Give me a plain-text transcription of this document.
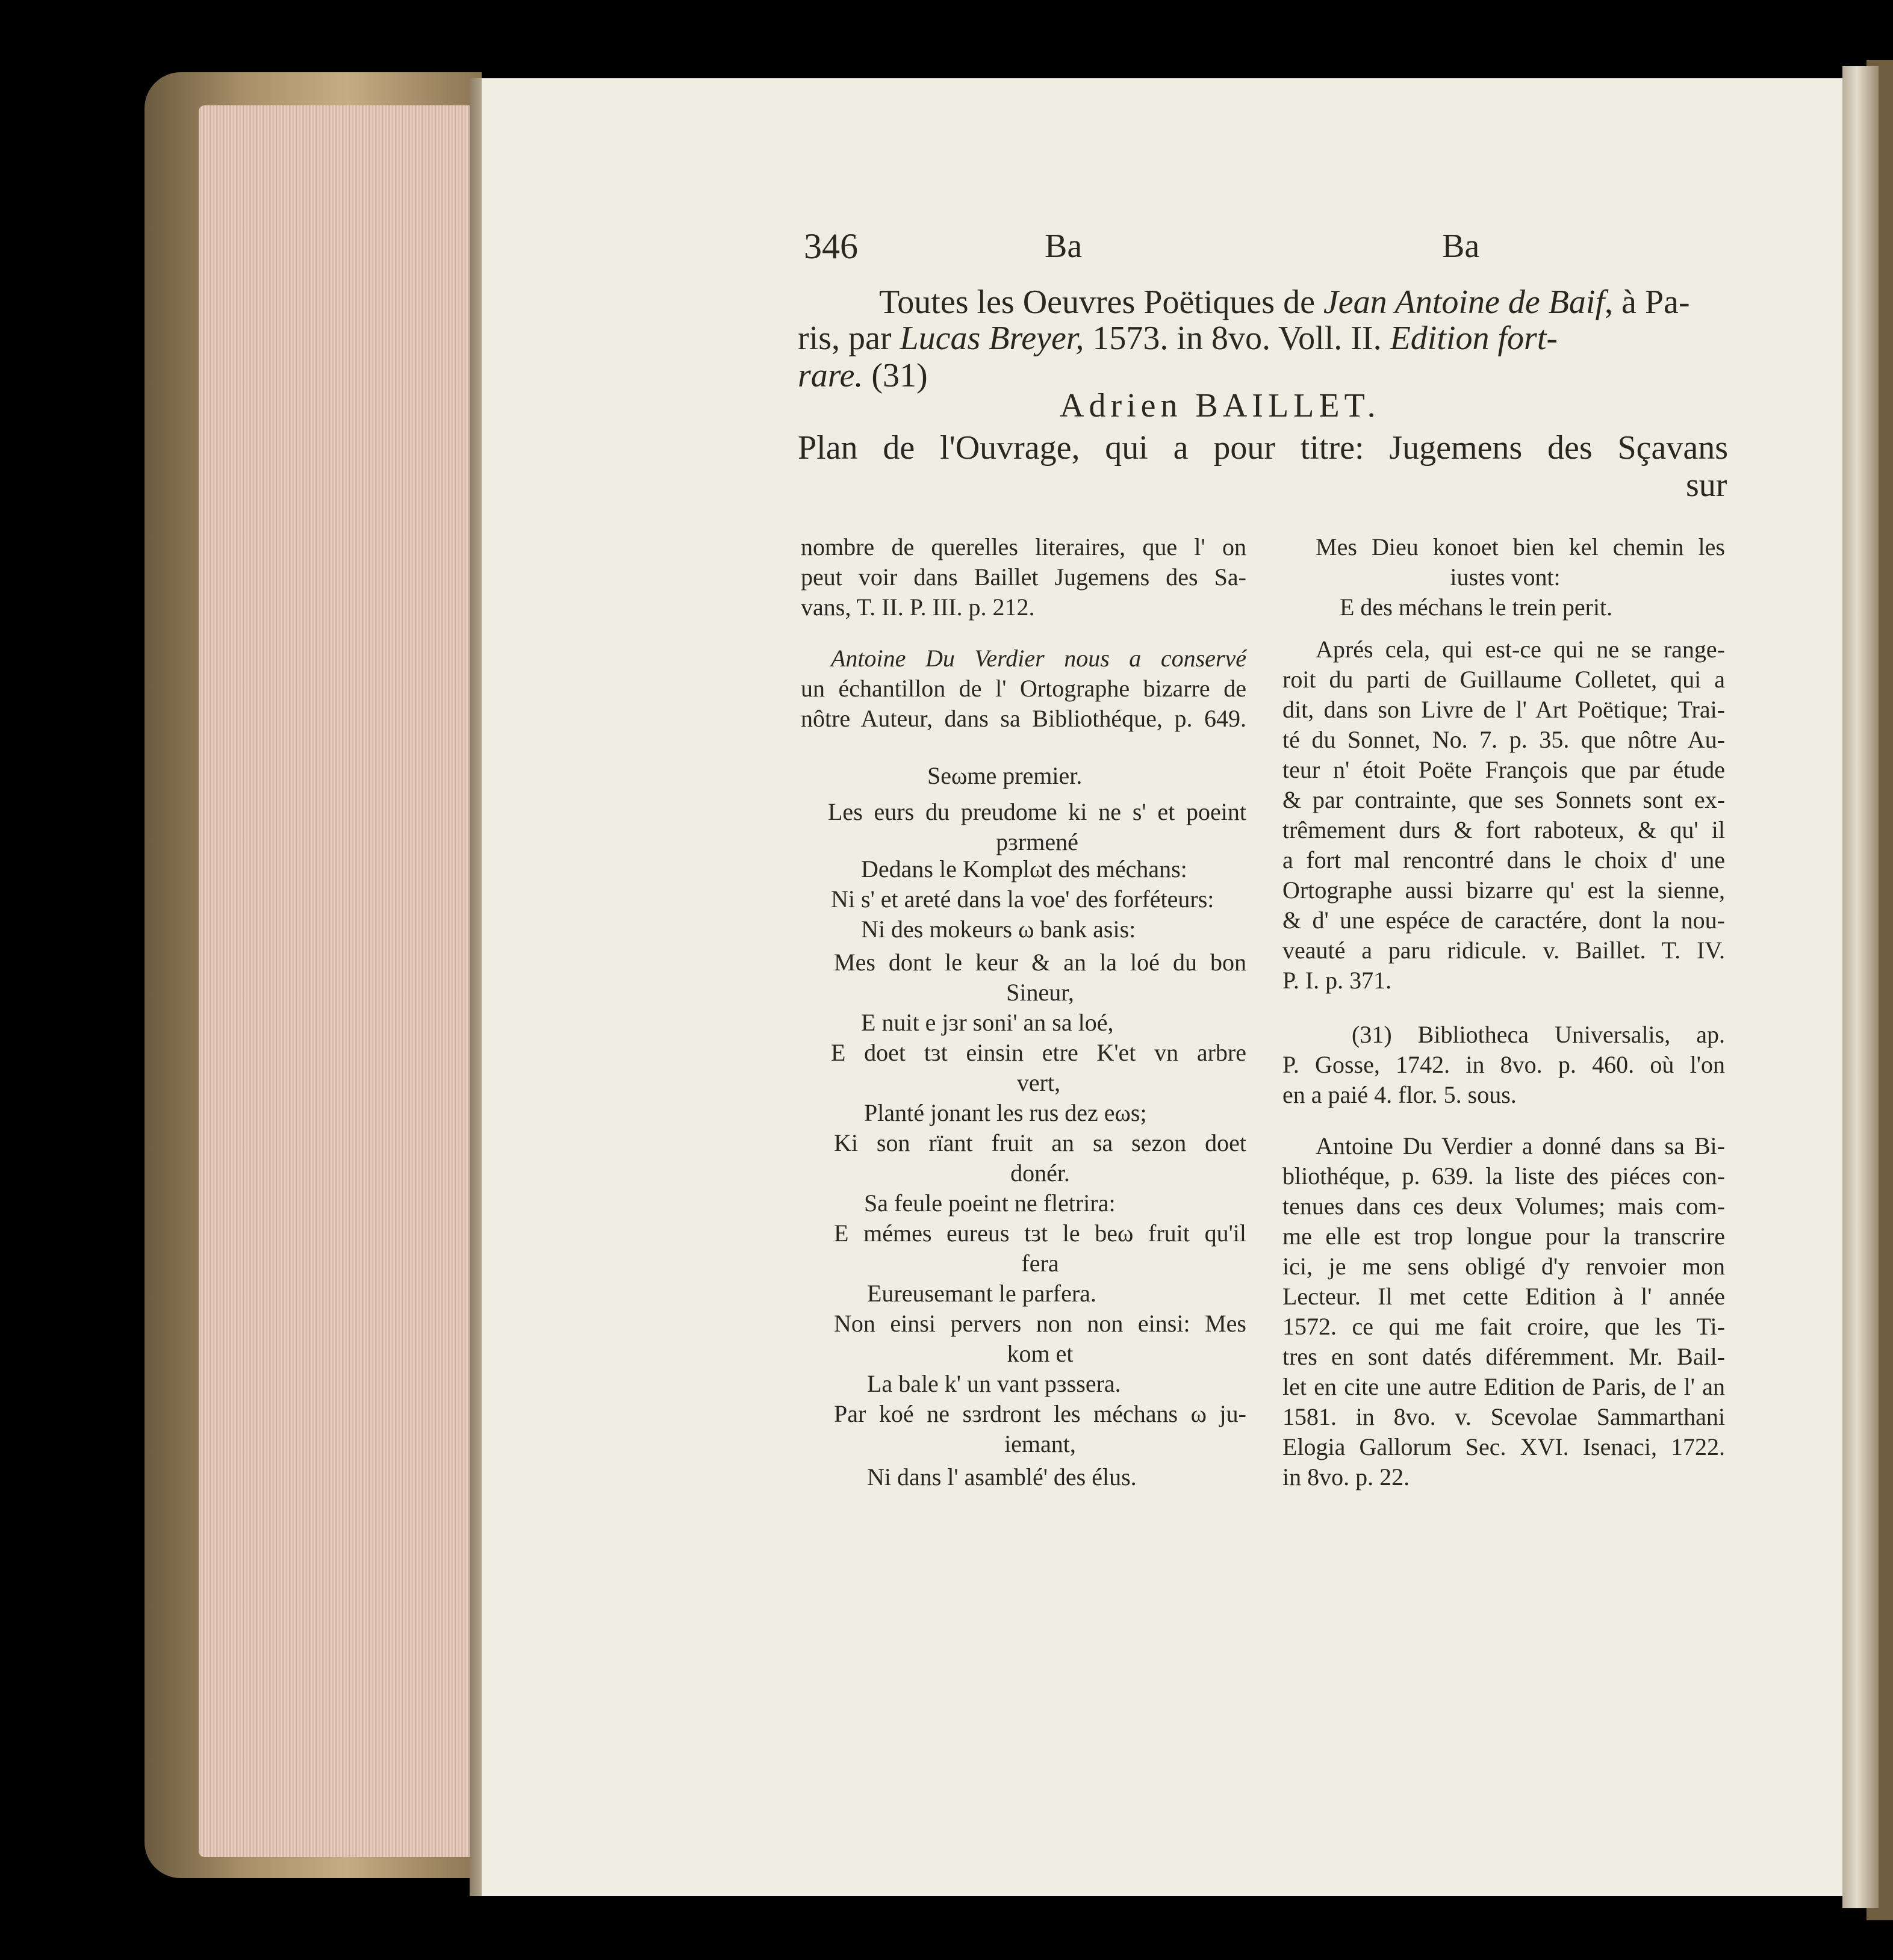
346	Ba	Ba
Toutes les Oeuvres Poëtiques de Jean Antoine de Baif, à Pa-
ris, par Lucas Breyer, 1573. in 8vo. Voll. II. Edition fort-
rare. (31)
Adrien BAILLET.
Plan de l'Ouvrage, qui a pour titre: Jugemens des Sçavans
sur
nombre de querelles literaires, que l' on
peut voir dans Baillet Jugemens des Sa-
vans, T. II. P. III. p. 212.
Antoine Du Verdier nous a conservé
un échantillon de l' Ortographe bizarre de
nôtre Auteur, dans sa Bibliothéque, p. 649.
Seωme premier.
Les eurs du preudome ki ne s' et poeint
pɜrmené
Dedans le Komplωt des méchans:
Ni s' et areté dans la voe' des forféteurs:
Ni des mokeurs ω bank asis:
Mes dont le keur & an la loé du bon
Sineur,
E nuit e jɜr soni' an sa loé,
E doet tɜt einsin etre K'et vn arbre
vert,
Planté jonant les rus dez eωs;
Ki son rïant fruit an sa sezon doet
donér.
Sa feule poeint ne fletrira:
E mémes eureus tɜt le beω fruit qu'il
fera
Eureusemant le parfera.
Non einsi pervers non non einsi: Mes
kom et
La bale k' un vant pɜssera.
Par koé ne sɜrdront les méchans ω ju-
iemant,
Ni dans l' asamblé' des élus.
Mes Dieu konoet bien kel chemin les
iustes vont:
E des méchans le trein perit.
Aprés cela, qui est-ce qui ne se range-
roit du parti de Guillaume Colletet, qui a
dit, dans son Livre de l' Art Poëtique; Trai-
té du Sonnet, No. 7. p. 35. que nôtre Au-
teur n' étoit Poëte François que par étude
& par contrainte, que ses Sonnets sont ex-
trêmement durs & fort raboteux, & qu' il
a fort mal rencontré dans le choix d' une
Ortographe aussi bizarre qu' est la sienne,
& d' une espéce de caractére, dont la nou-
veauté a paru ridicule. v. Baillet. T. IV.
P. I. p. 371.
(31) Bibliotheca Universalis, ap.
P. Gosse, 1742. in 8vo. p. 460. où l'on
en a paié 4. flor. 5. sous.
Antoine Du Verdier a donné dans sa Bi-
bliothéque, p. 639. la liste des piéces con-
tenues dans ces deux Volumes; mais com-
me elle est trop longue pour la transcrire
ici, je me sens obligé d'y renvoier mon
Lecteur. Il met cette Edition à l' année
1572. ce qui me fait croire, que les Ti-
tres en sont datés diféremment. Mr. Bail-
let en cite une autre Edition de Paris, de l' an
1581. in 8vo. v. Scevolae Sammarthani
Elogia Gallorum Sec. XVI. Isenaci, 1722.
in 8vo. p. 22.
